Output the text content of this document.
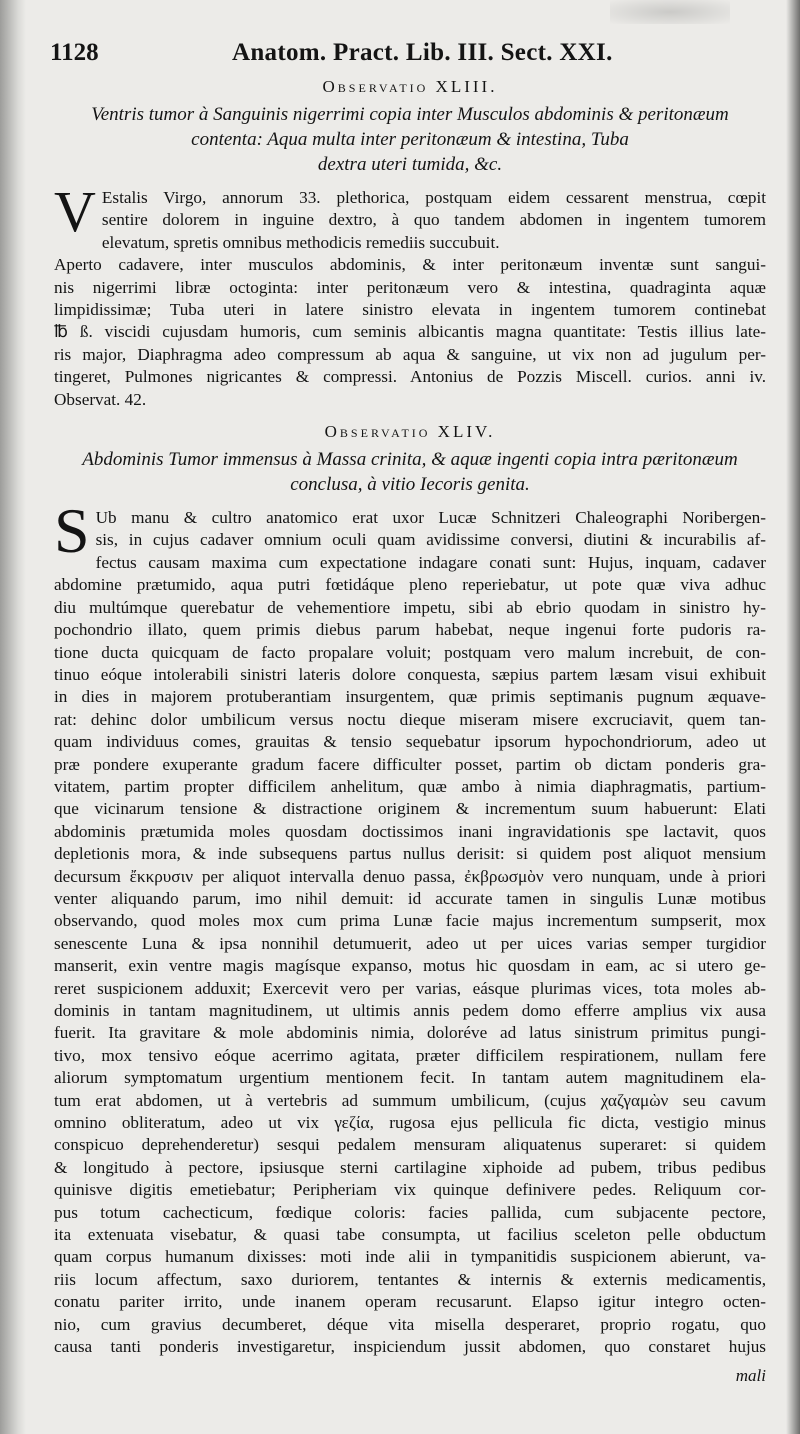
1128	Anatom. Pract. Lib. III. Sect. XXI.
Observatio XLIII.
Ventris tumor à Sanguinis nigerrimi copia inter Musculos abdominis & peritonæum
contenta: Aqua multa inter peritonæum & intestina, Tuba
dextra uteri tumida, &c.

V Estalis Virgo, annorum 33. plethorica, postquam eidem cessarent menstrua, cœpit
sentire dolorem in inguine dextro, à quo tandem abdomen in ingentem tumorem
elevatum, spretis omnibus methodicis remediis succubuit.

Aperto cadavere, inter musculos abdominis, & inter peritonæum inventæ sunt sangui-
nis nigerrimi libræ octoginta: inter peritonæum vero & intestina, quadraginta aquæ
limpidissimæ; Tuba uteri in latere sinistro elevata in ingentem tumorem continebat
℔ ß. viscidi cujusdam humoris, cum seminis albicantis magna quantitate: Testis illius late-
ris major, Diaphragma adeo compressum ab aqua & sanguine, ut vix non ad jugulum per-
tingeret, Pulmones nigricantes & compressi. Antonius de Pozzis Miscell. curios. anni iv.
Observat. 42.

Observatio XLIV.
Abdominis Tumor immensus à Massa crinita, & aquæ ingenti copia intra pæritonæum
conclusa, à vitio Iecoris genita.

S Ub manu & cultro anatomico erat uxor Lucæ Schnitzeri Chaleographi Noribergen-
sis, in cujus cadaver omnium oculi quam avidissime conversi, diutini & incurabilis af-
fectus causam maxima cum expectatione indagare conati sunt: Hujus, inquam, cadaver
abdomine prætumido, aqua putri fœtidáque pleno reperiebatur, ut pote quæ viva adhuc
diu multúmque querebatur de vehementiore impetu, sibi ab ebrio quodam in sinistro hy-
pochondrio illato, quem primis diebus parum habebat, neque ingenui forte pudoris ra-
tione ducta quicquam de facto propalare voluit; postquam vero malum increbuit, de con-
tinuo eóque intolerabili sinistri lateris dolore conquesta, sæpius partem læsam visui exhibuit
in dies in majorem protuberantiam insurgentem, quæ primis septimanis pugnum æquave-
rat: dehinc dolor umbilicum versus noctu dieque miseram misere excruciavit, quem tan-
quam individuus comes, grauitas & tensio sequebatur ipsorum hypochondriorum, adeo ut
præ pondere exuperante gradum facere difficulter posset, partim ob dictam ponderis gra-
vitatem, partim propter difficilem anhelitum, quæ ambo à nimia diaphragmatis, partium-
que vicinarum tensione & distractione originem & incrementum suum habuerunt: Elati
abdominis prætumida moles quosdam doctissimos inani ingravidationis spe lactavit, quos
depletionis mora, & inde subsequens partus nullus derisit: si quidem post aliquot mensium
decursum ἔκκρυσιν per aliquot intervalla denuo passa, ἐκβρωσμὸν vero nunquam, unde à priori
venter aliquando parum, imo nihil demuit: id accurate tamen in singulis Lunæ motibus
observando, quod moles mox cum prima Lunæ facie majus incrementum sumpserit, mox
senescente Luna & ipsa nonnihil detumuerit, adeo ut per uices varias semper turgidior
manserit, exin ventre magis magísque expanso, motus hic quosdam in eam, ac si utero ge-
reret suspicionem adduxit; Exercevit vero per varias, eásque plurimas vices, tota moles ab-
dominis in tantam magnitudinem, ut ultimis annis pedem domo efferre amplius vix ausa
fuerit. Ita gravitare & mole abdominis nimia, doloréve ad latus sinistrum primitus pungi-
tivo, mox tensivo eóque acerrimo agitata, præter difficilem respirationem, nullam fere
aliorum symptomatum urgentium mentionem fecit. In tantam autem magnitudinem ela-
tum erat abdomen, ut à vertebris ad summum umbilicum, (cujus χαζγαμὼν seu cavum
omnino obliteratum, adeo ut vix γεζία, rugosa ejus pellicula fic dicta, vestigio minus
conspicuo deprehenderetur) sesqui pedalem mensuram aliquatenus superaret: si quidem
& longitudo à pectore, ipsiusque sterni cartilagine xiphoide ad pubem, tribus pedibus
quinisve digitis emetiebatur; Peripheriam vix quinque definivere pedes. Reliquum cor-
pus totum cachecticum, fœdique coloris: facies pallida, cum subjacente pectore,
ita extenuata visebatur, & quasi tabe consumpta, ut facilius sceleton pelle obductum
quam corpus humanum dixisses: moti inde alii in tympanitidis suspicionem abierunt, va-
riis locum affectum, saxo duriorem, tentantes & internis & externis medicamentis,
conatu pariter irrito, unde inanem operam recusarunt. Elapso igitur integro octen-
nio, cum gravius decumberet, déque vita misella desperaret, proprio rogatu, quo
causa tanti ponderis investigaretur, inspiciendum jussit abdomen, quo constaret hujus

mali
